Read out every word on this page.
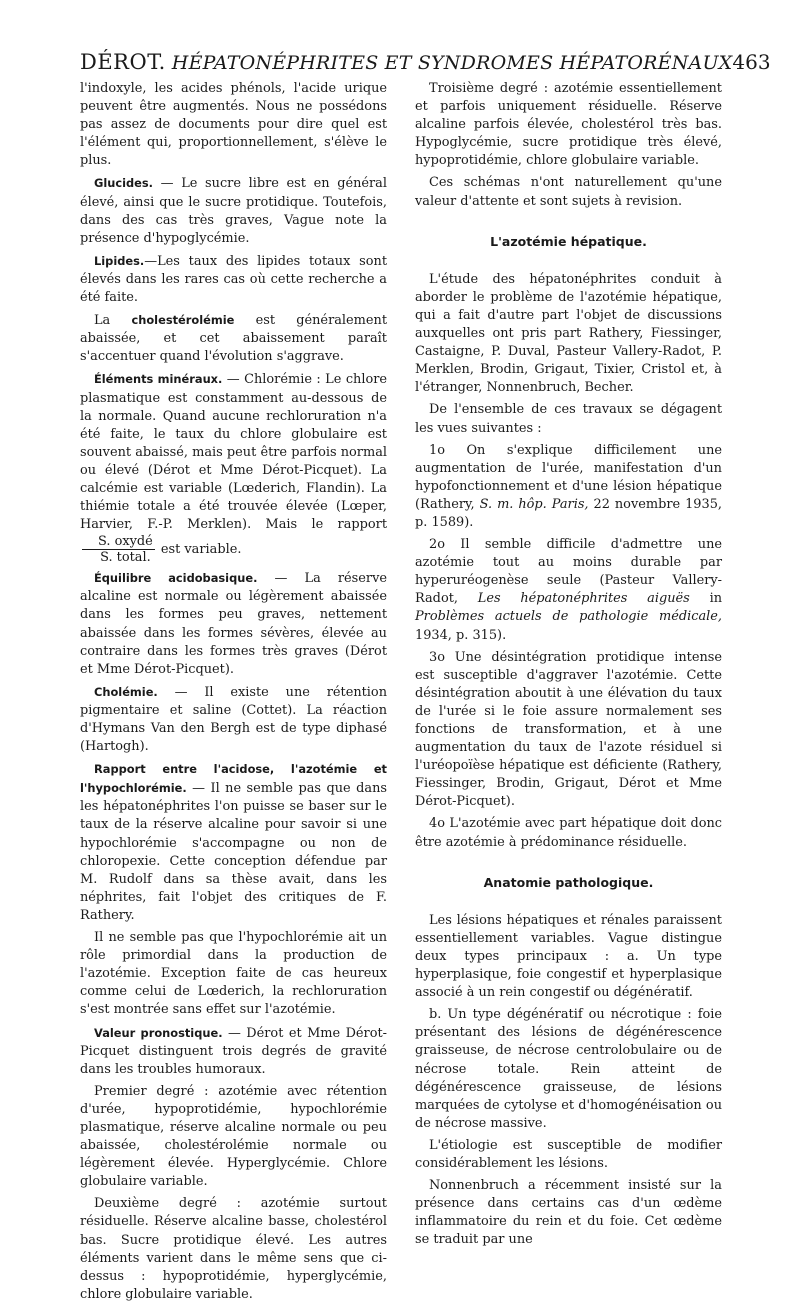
DÉROT. HÉPATONÉPHRITES ET SYNDROMES HÉPATORÉNAUX 463

l'indoxyle, les acides phénols, l'acide urique peuvent être augmentés. Nous ne possédons pas assez de documents pour dire quel est l'élément qui, proportionnellement, s'élève le plus.

Glucides. — Le sucre libre est en général élevé, ainsi que le sucre protidique. Toutefois, dans des cas très graves, Vague note la présence d'hypoglycémie.

Lipides.—Les taux des lipides totaux sont élevés dans les rares cas où cette recherche a été faite.

La cholestérolémie est généralement abaissée, et cet abaissement paraît s'accentuer quand l'évolution s'aggrave.

Éléments minéraux. — Chlorémie : Le chlore plasmatique est constamment au-dessous de la normale. Quand aucune rechloruration n'a été faite, le taux du chlore globulaire est souvent abaissé, mais peut être parfois normal ou élevé (Dérot et Mme Dérot-Picquet). La calcémie est variable (Lœderich, Flandin). La thiémie totale a été trouvée élevée (Lœper, Harvier, F.-P. Merklen). Mais le rapport
$\frac{\text{S. oxydé}}{\text{S. total.}}$ est variable.

Équilibre acidobasique. — La réserve alcaline est normale ou légèrement abaissée dans les formes peu graves, nettement abaissée dans les formes sévères, élevée au contraire dans les formes très graves (Dérot et Mme Dérot-Picquet).

Cholémie. — Il existe une rétention pigmentaire et saline (Cottet). La réaction d'Hymans Van den Bergh est de type diphasé (Hartogh).

Rapport entre l'acidose, l'azotémie et l'hypochlorémie. — Il ne semble pas que dans les hépatonéphrites l'on puisse se baser sur le taux de la réserve alcaline pour savoir si une hypochlorémie s'accompagne ou non de chloropexie. Cette conception défendue par M. Rudolf dans sa thèse avait, dans les néphrites, fait l'objet des critiques de F. Rathery.

Il ne semble pas que l'hypochlorémie ait un rôle primordial dans la production de l'azotémie. Exception faite de cas heureux comme celui de Lœderich, la rechloruration s'est montrée sans effet sur l'azotémie.

Valeur pronostique. — Dérot et Mme Dérot-Picquet distinguent trois degrés de gravité dans les troubles humoraux.

Premier degré : azotémie avec rétention d'urée, hypoprotidémie, hypochlorémie plasmatique, réserve alcaline normale ou peu abaissée, cholestérolémie normale ou légèrement élevée. Hyperglycémie. Chlore globulaire variable.

Deuxième degré : azotémie surtout résiduelle. Réserve alcaline basse, cholestérol bas. Sucre protidique élevé. Les autres éléments varient dans le même sens que ci-dessus : hypoprotidémie, hyperglycémie, chlore globulaire variable.

Troisième degré : azotémie essentiellement et parfois uniquement résiduelle. Réserve alcaline parfois élevée, cholestérol très bas. Hypoglycémie, sucre protidique très élevé, hypoprotidémie, chlore globulaire variable.

Ces schémas n'ont naturellement qu'une valeur d'attente et sont sujets à revision.

L'azotémie hépatique.

L'étude des hépatonéphrites conduit à aborder le problème de l'azotémie hépatique, qui a fait d'autre part l'objet de discussions auxquelles ont pris part Rathery, Fiessinger, Castaigne, P. Duval, Pasteur Vallery-Radot, P. Merklen, Brodin, Grigaut, Tixier, Cristol et, à l'étranger, Nonnenbruch, Becher.

De l'ensemble de ces travaux se dégagent les vues suivantes :

1o On s'explique difficilement une augmentation de l'urée, manifestation d'un hypofonctionnement et d'une lésion hépatique (Rathery, S. m. hôp. Paris, 22 novembre 1935, p. 1589).

2o Il semble difficile d'admettre une azotémie tout au moins durable par hyperuréogenèse seule (Pasteur Vallery-Radot, Les hépatonéphrites aiguës in Problèmes actuels de pathologie médicale, 1934, p. 315).

3o Une désintégration protidique intense est susceptible d'aggraver l'azotémie. Cette désintégration aboutit à une élévation du taux de l'urée si le foie assure normalement ses fonctions de transformation, et à une augmentation du taux de l'azote résiduel si l'uréopoïèse hépatique est déficiente (Rathery, Fiessinger, Brodin, Grigaut, Dérot et Mme Dérot-Picquet).

4o L'azotémie avec part hépatique doit donc être azotémie à prédominance résiduelle.

Anatomie pathologique.

Les lésions hépatiques et rénales paraissent essentiellement variables. Vague distingue deux types principaux : a. Un type hyperplasique, foie congestif et hyperplasique associé à un rein congestif ou dégénératif.

b. Un type dégénératif ou nécrotique : foie présentant des lésions de dégénérescence graisseuse, de nécrose centrolobulaire ou de nécrose totale. Rein atteint de dégénérescence graisseuse, de lésions marquées de cytolyse et d'homogénéisation ou de nécrose massive.

L'étiologie est susceptible de modifier considérablement les lésions.

Nonnenbruch a récemment insisté sur la présence dans certains cas d'un œdème inflammatoire du rein et du foie. Cet œdème se traduit par une
